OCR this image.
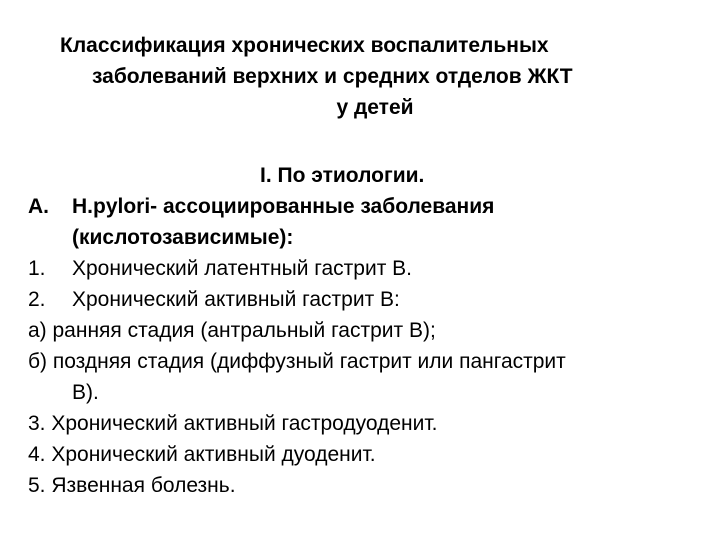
Классификация хронических воспалительных
заболеваний верхних и средних отделов ЖКТ
у детей
I. По этиологии.
А.	H.pylori- ассоциированные заболевания
(кислотозависимые):
1.	Хронический латентный гастрит В.
2.	Хронический активный гастрит В:
а) ранняя стадия (антральный гастрит В);
б) поздняя стадия (диффузный гастрит или пангастрит
В).
3. Хронический активный гастродуоденит.
4. Хронический активный дуоденит.
5. Язвенная болезнь.
